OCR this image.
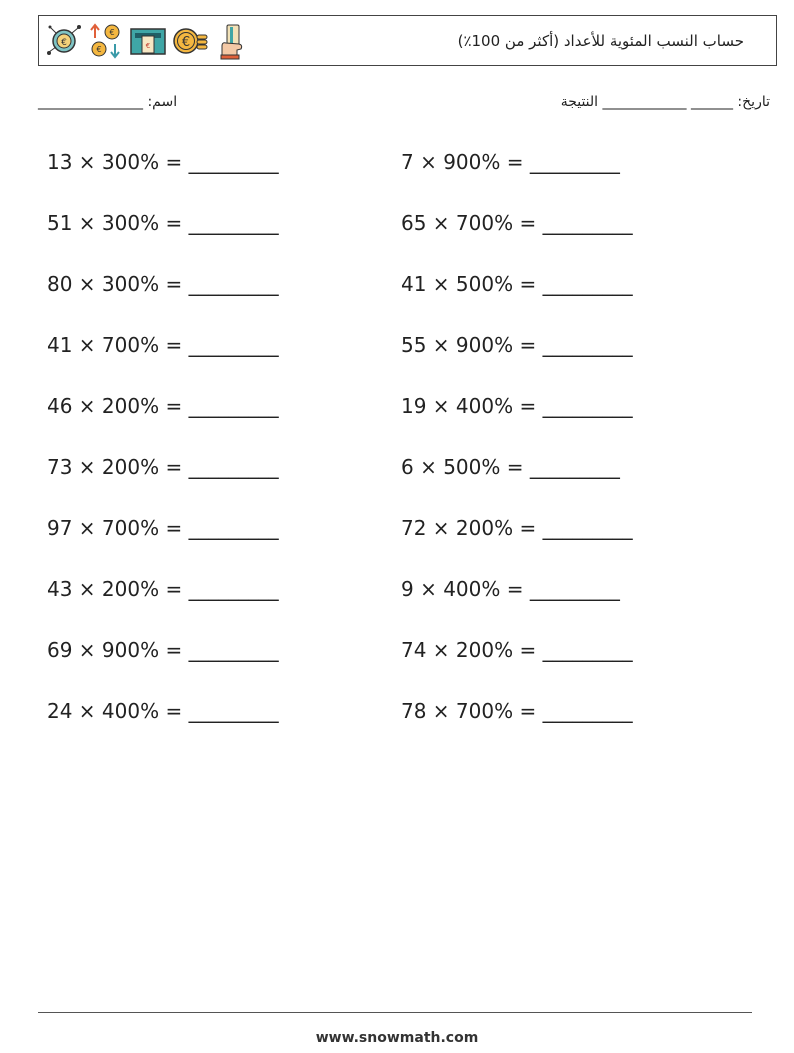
€
€
€	€ €	حساب النسب المئوية للأعداد (أكثر من 100٪)
اسم: _______________	تاريخ: ______ ____________ النتيجة
13 × 300% = _________	7 × 900% = _________
51 × 300% = _________	65 × 700% = _________
80 × 300% = _________	41 × 500% = _________
41 × 700% = _________	55 × 900% = _________
46 × 200% = _________	19 × 400% = _________
73 × 200% = _________	6 × 500% = _________
97 × 700% = _________	72 × 200% = _________
43 × 200% = _________	9 × 400% = _________
69 × 900% = _________	74 × 200% = _________
24 × 400% = _________	78 × 700% = _________
www.snowmath.com
